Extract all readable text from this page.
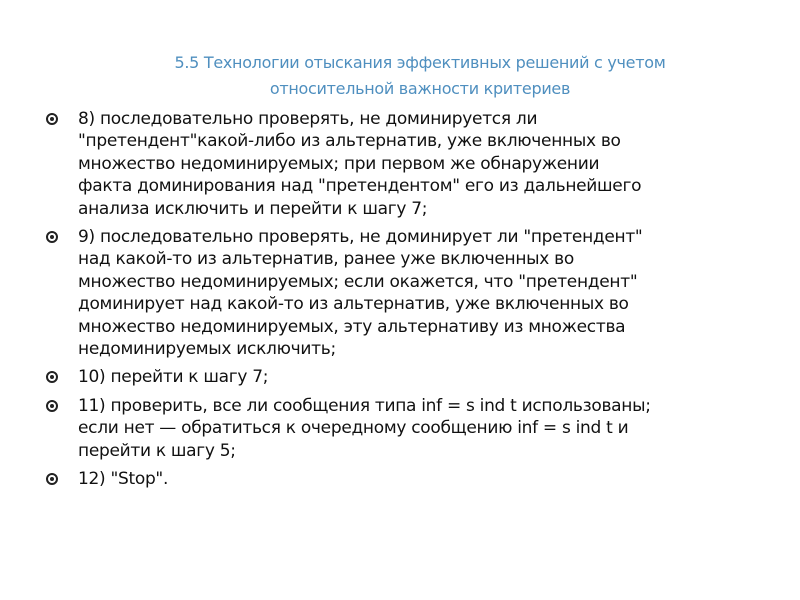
5.5 Технологии отыскания эффективных решений с учетом
относительной важности критериев
8) последовательно проверять, не доминируется ли
"претендент"какой-либо из альтернатив, уже включенных во
множество недоминируемых; при первом же обнаружении
факта доминирования над "претендентом" его из дальнейшего
анализа исключить и перейти к шагу 7;
9) последовательно проверять, не доминирует ли "претендент"
над какой-то из альтернатив, ранее уже включенных во
множество недоминируемых; если окажется, что "претендент"
доминирует над какой-то из альтернатив, уже включенных во
множество недоминируемых, эту альтернативу из множества
недоминируемых исключить;
10) перейти к шагу 7;
11) проверить, все ли сообщения типа inf = s ind t использованы;
если нет — обратиться к очередному сообщению inf = s ind t и
перейти к шагу 5;
12) "Stop".
